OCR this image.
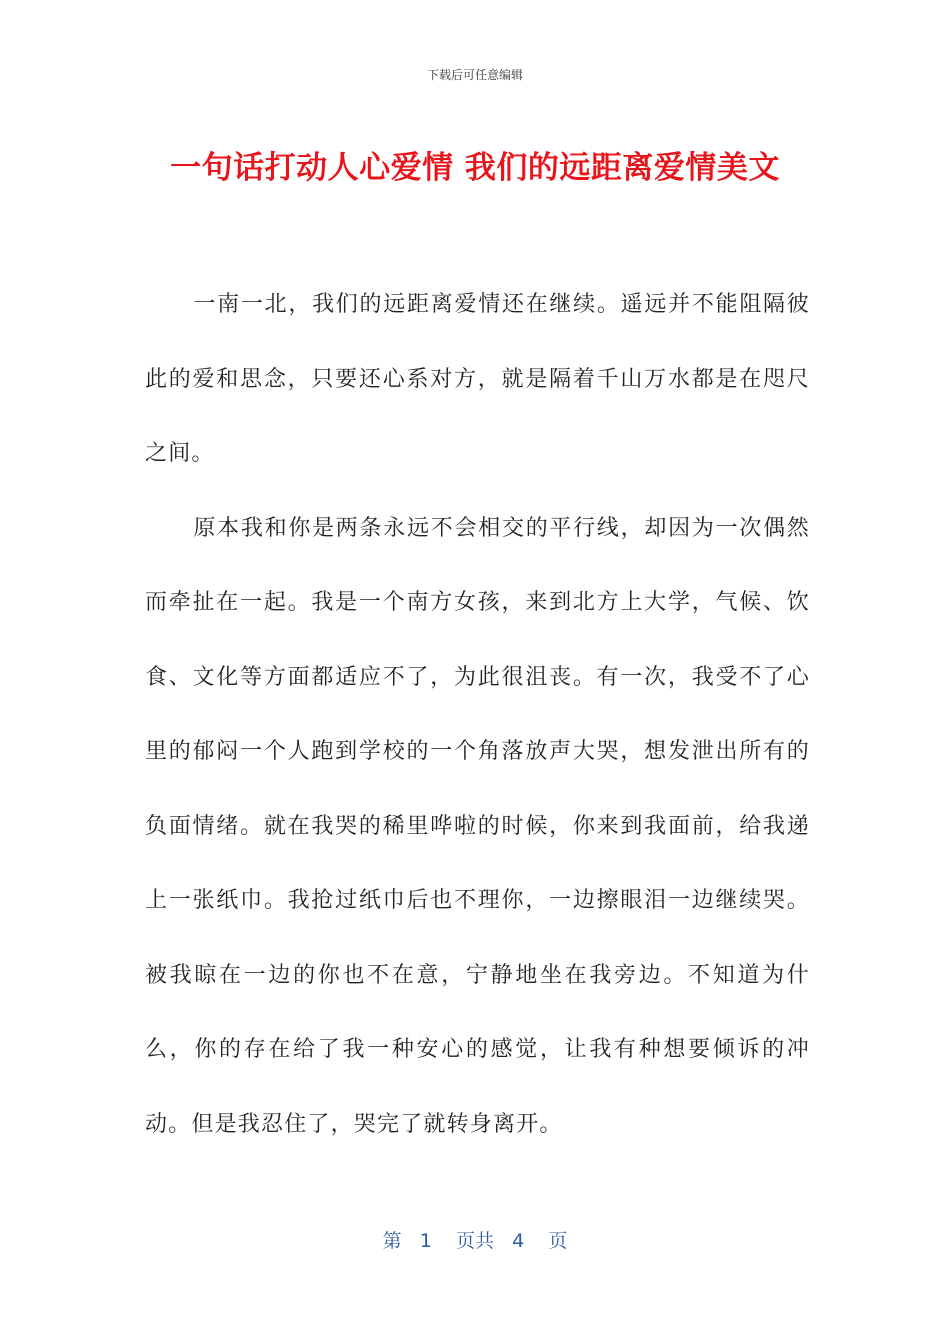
下载后可任意编辑
一句话打动人心爱情 我们的远距离爱情美文

一南一北，我们的远距离爱情还在继续。遥远并不能阻隔彼此的爱和思念，只要还心系对方，就是隔着千山万水都是在咫尺之间。

原本我和你是两条永远不会相交的平行线，却因为一次偶然而牵扯在一起。我是一个南方女孩，来到北方上大学，气候、饮食、文化等方面都适应不了，为此很沮丧。有一次，我受不了心里的郁闷一个人跑到学校的一个角落放声大哭，想发泄出所有的负面情绪。就在我哭的稀里哗啦的时候，你来到我面前，给我递上一张纸巾。我抢过纸巾后也不理你，一边擦眼泪一边继续哭。被我晾在一边的你也不在意，宁静地坐在我旁边。不知道为什么，你的存在给了我一种安心的感觉，让我有种想要倾诉的冲动。但是我忍住了，哭完了就转身离开。

第 1 页共 4 页
